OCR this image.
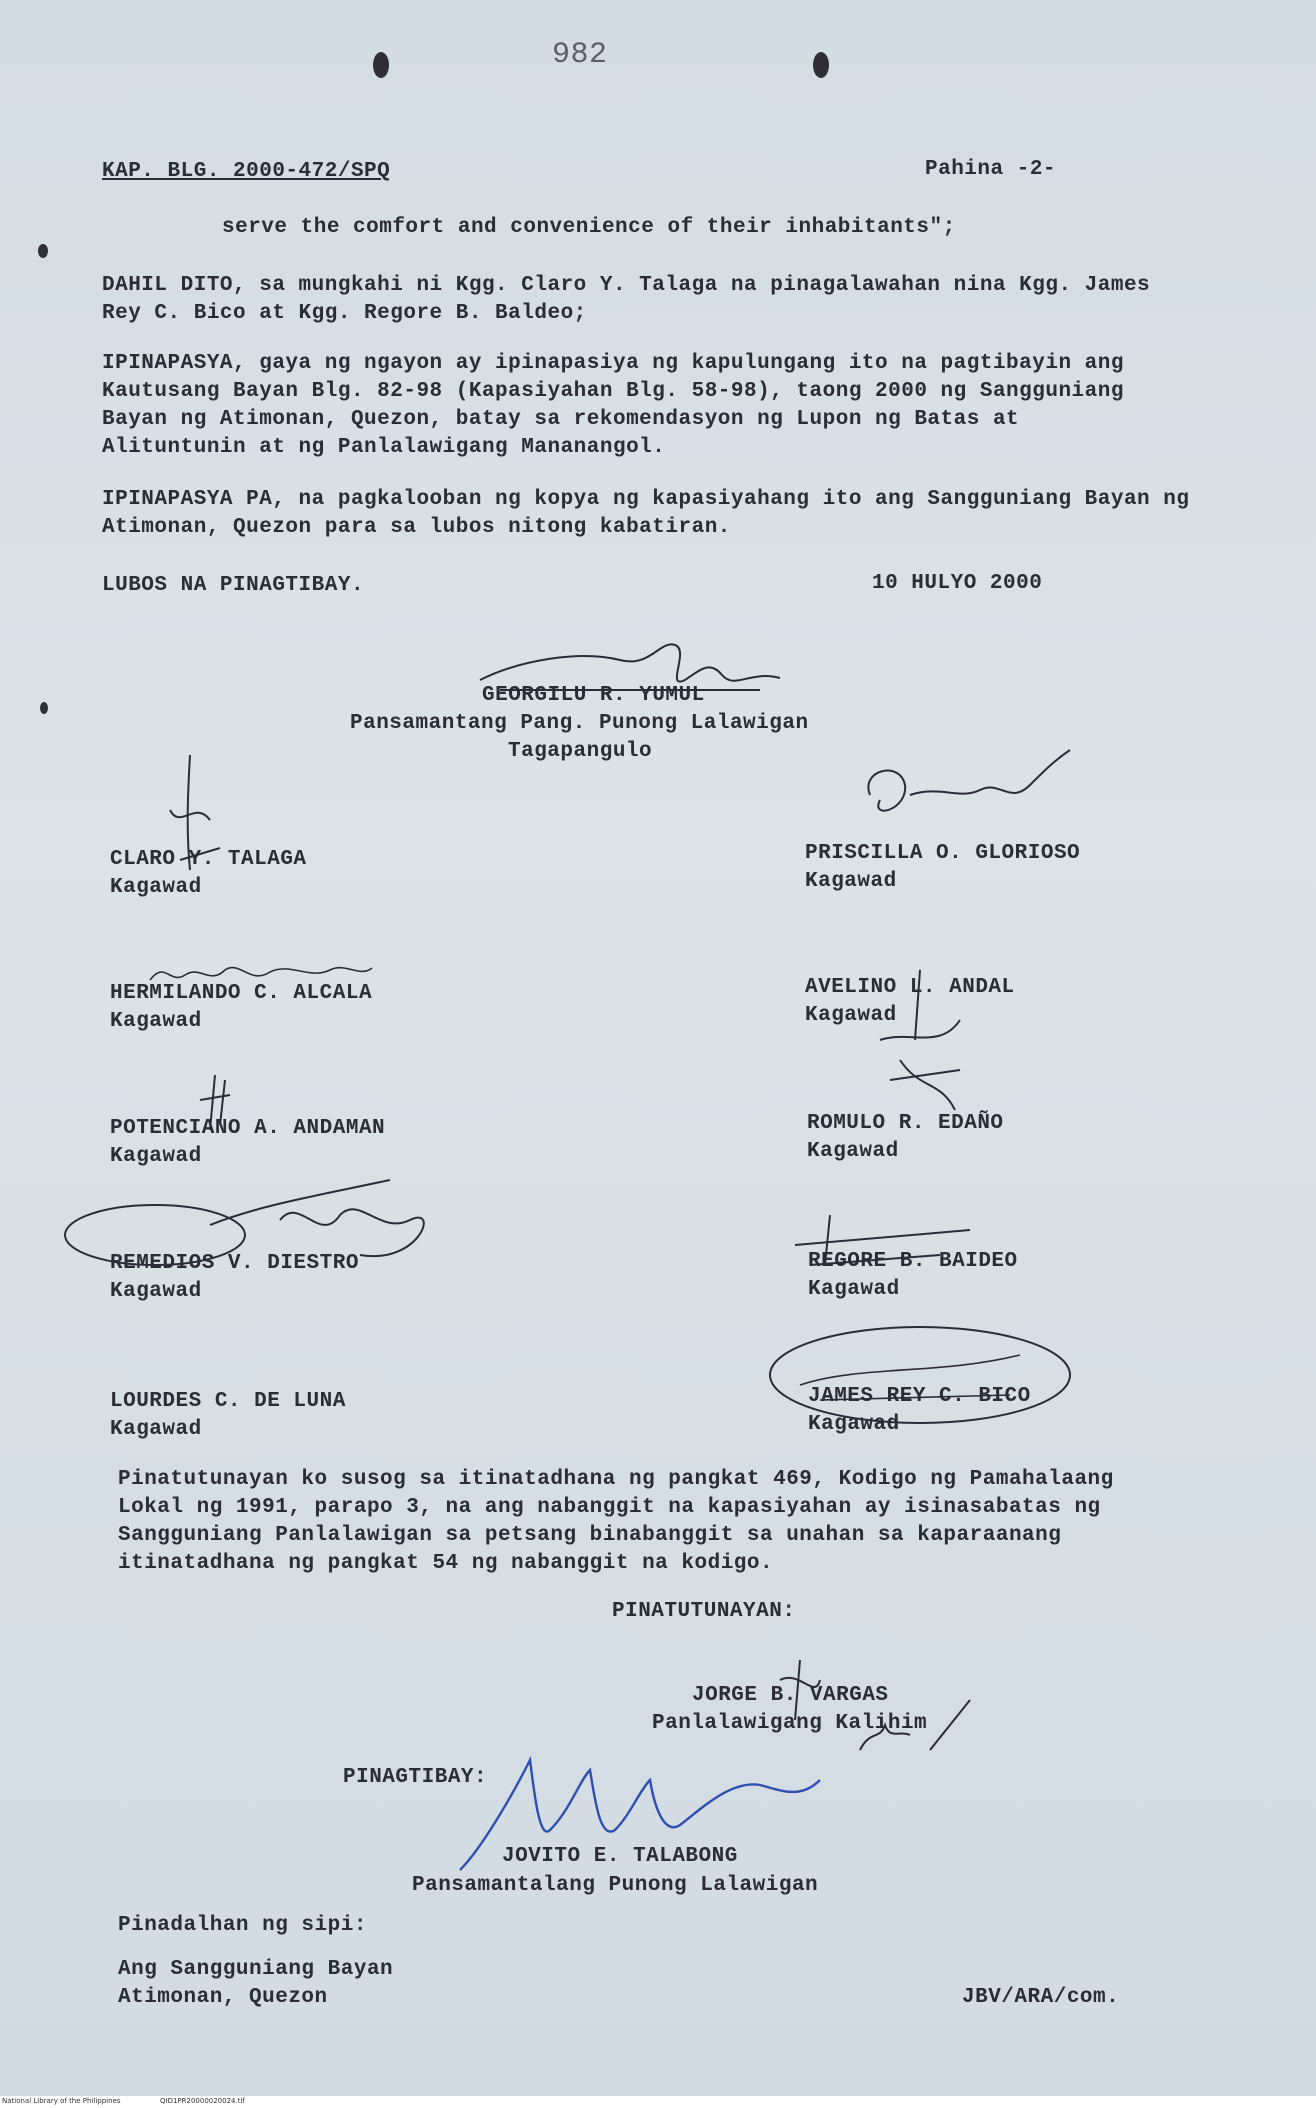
982
KAP. BLG. 2000-472/SPQ	Pahina -2-
serve the comfort and convenience of their inhabitants";

DAHIL DITO, sa mungkahi ni Kgg. Claro Y. Talaga na pinagalawahan nina Kgg. James Rey C. Bico at Kgg. Regore B. Baldeo;

IPINAPASYA, gaya ng ngayon ay ipinapasiya ng kapulungang ito na pagtibayin ang Kautusang Bayan Blg. 82-98 (Kapasiyahan Blg. 58-98), taong 2000 ng Sangguniang Bayan ng Atimonan, Quezon, batay sa rekomendasyon ng Lupon ng Batas at Alituntunin at ng Panlalawigang Mananangol.

IPINAPASYA PA, na pagkalooban ng kopya ng kapasiyahang ito ang Sangguniang Bayan ng Atimonan, Quezon para sa lubos nitong kabatiran.

LUBOS NA PINAGTIBAY.	10 HULYO 2000
GEORGILU R. YUMUL
Pansamantang Pang. Punong Lalawigan
Tagapangulo
CLARO Y. TALAGA
Kagawad
HERMILANDO C. ALCALA
Kagawad
POTENCIANO A. ANDAMAN
Kagawad
REMEDIOS V. DIESTRO
Kagawad
LOURDES C. DE LUNA
Kagawad
PRISCILLA O. GLORIOSO
Kagawad
AVELINO L. ANDAL
Kagawad
ROMULO R. EDAÑO
Kagawad
REGORE B. BAIDEO
Kagawad
JAMES REY C. BICO
Kagawad

Pinatutunayan ko susog sa itinatadhana ng pangkat 469, Kodigo ng Pamahalaang Lokal ng 1991, parapo 3, na ang nabanggit na kapasiyahan ay isinasabatas ng Sangguniang Panlalawigan sa petsang binabanggit sa unahan sa kaparaanang itinatadhana ng pangkat 54 ng nabanggit na kodigo.

PINATUTUNAYAN:
JORGE B. VARGAS
Panlalawigang Kalihim
PINAGTIBAY:
JOVITO E. TALABONG
Pansamantalang Punong Lalawigan
Pinadalhan ng sipi:
Ang Sangguniang Bayan
Atimonan, Quezon	JBV/ARA/com.
National Library of the Philippines	QID1PR20000020024.tif
